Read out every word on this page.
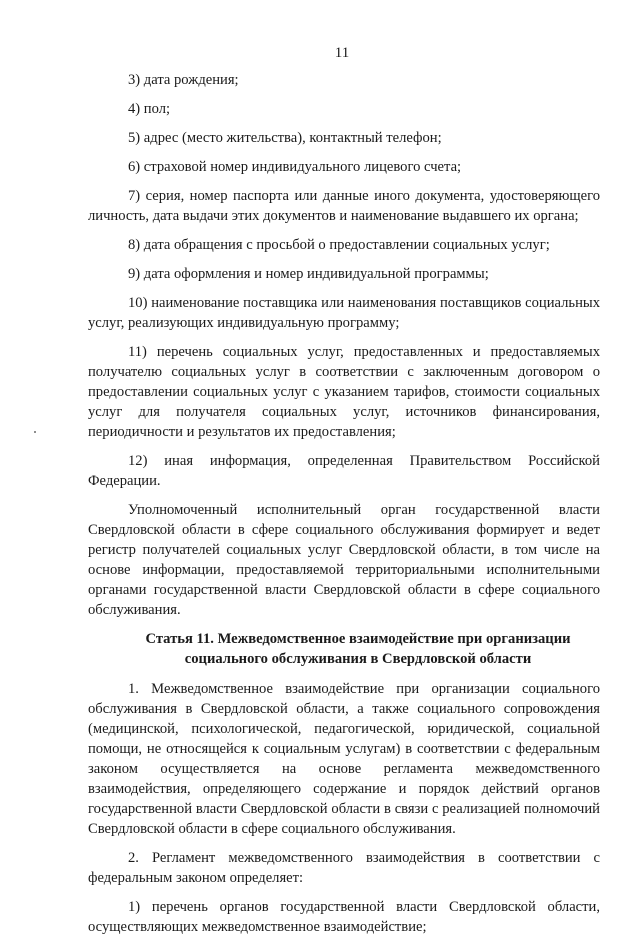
11

3) дата рождения;

4) пол;

5) адрес (место жительства), контактный телефон;

6) страховой номер индивидуального лицевого счета;

7) серия, номер паспорта или данные иного документа, удостоверяющего личность, дата выдачи этих документов и наименование выдавшего их органа;

8) дата обращения с просьбой о предоставлении социальных услуг;

9) дата оформления и номер индивидуальной программы;

10) наименование поставщика или наименования поставщиков социальных услуг, реализующих индивидуальную программу;

11) перечень социальных услуг, предоставленных и предоставляемых получателю социальных услуг в соответствии с заключенным договором о предоставлении социальных услуг с указанием тарифов, стоимости социальных услуг для получателя социальных услуг, источников финансирования, периодичности и результатов их предоставления;

12) иная информация, определенная Правительством Российской Федерации.

Уполномоченный исполнительный орган государственной власти Свердловской области в сфере социального обслуживания формирует и ведет регистр получателей социальных услуг Свердловской области, в том числе на основе информации, предоставляемой территориальными исполнительными органами государственной власти Свердловской области в сфере социального обслуживания.

Статья 11. Межведомственное взаимодействие при организации
социального обслуживания в Свердловской области

1. Межведомственное взаимодействие при организации социального обслуживания в Свердловской области, а также социального сопровождения (медицинской, психологической, педагогической, юридической, социальной помощи, не относящейся к социальным услугам) в соответствии с федеральным законом осуществляется на основе регламента межведомственного взаимодействия, определяющего содержание и порядок действий органов государственной власти Свердловской области в связи с реализацией полномочий Свердловской области в сфере социального обслуживания.

2. Регламент межведомственного взаимодействия в соответствии с федеральным законом определяет:

1) перечень органов государственной власти Свердловской области, осуществляющих межведомственное взаимодействие;
